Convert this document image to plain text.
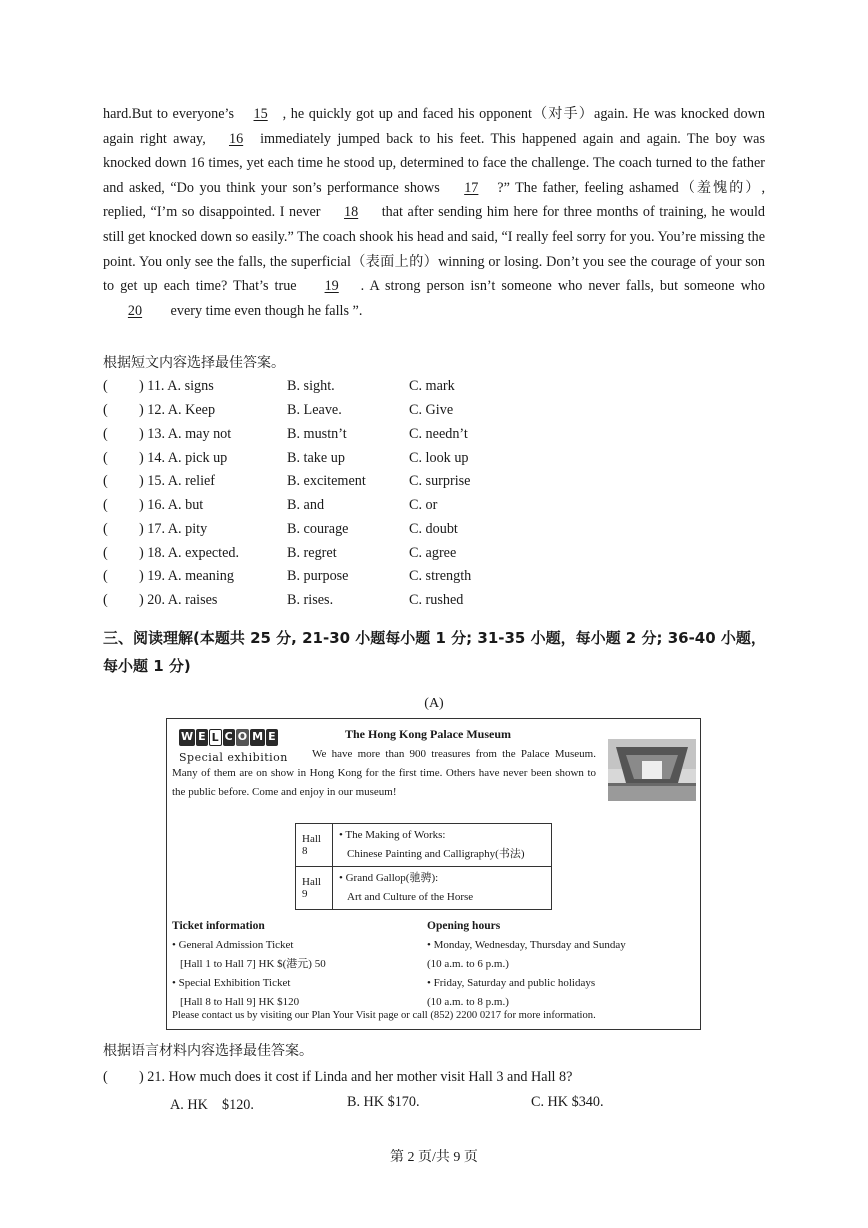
hard.But to everyone’s 15 , he quickly got up and faced his opponent（对手）again. He was knocked down again right away, 16 immediately jumped back to his feet. This happened again and again. The boy was knocked down 16 times, yet each time he stood up, determined to face the challenge. The coach turned to the father and asked, “Do you think your son’s performance shows 17 ?” The father, feeling ashamed（羞愧的）, replied, “I’m so disappointed. I never 18 that after sending him here for three months of training, he would still get knocked down so easily.” The coach shook his head and said, “I really feel sorry for you. You’re missing the point. You only see the falls, the superficial（表面上的）winning or losing. Don’t you see the courage of your son to get up each time? That’s true 19 . A strong person isn’t someone who never falls, but someone who 20 every time even though he falls ”.
根据短文内容选择最佳答案。
( ) 11. A. signs	B. sight.	C. mark
( ) 12. A. Keep	B. Leave.	C. Give
( ) 13. A. may not	B. mustn’t	C. needn’t
( ) 14. A. pick up	B. take up	C. look up
( ) 15. A. relief	B. excitement	C. surprise
( ) 16. A. but	B. and	C. or
( ) 17. A. pity	B. courage	C. doubt
( ) 18. A. expected.	B. regret	C. agree
( ) 19. A. meaning	B. purpose	C. strength
( ) 20. A. raises	B. rises.	C. rushed
三、阅读理解(本题共 25 分, 21-30 小题每小题 1 分; 31-35 小题，每小题 2 分; 36-40 小题，每小题 1 分)
(A)
W E L C O M E
Special exhibition
The Hong Kong Palace Museum
We have more than 900 treasures from the Palace Museum. Many of them are on show in Hong Kong for the first time. Others have never been shown to the public before. Come and enjoy in our museum!
Hall 8	• The Making of Works:
Chinese Painting and Calligraphy(书法)

Hall 9	• Grand Gallop(驰骋):
Art and Culture of the Horse
Ticket information
• General Admission Ticket
[Hall 1 to Hall 7] HK $(港元) 50
• Special Exhibition Ticket
[Hall 8 to Hall 9] HK $120
Opening hours
• Monday, Wednesday, Thursday and Sunday
(10 a.m. to 6 p.m.)
• Friday, Saturday and public holidays
(10 a.m. to 8 p.m.)
Please contact us by visiting our Plan Your Visit page or call (852) 2200 0217 for more information.
根据语言材料内容选择最佳答案。
( ) 21. How much does it cost if Linda and her mother visit Hall 3 and Hall 8?
A. HK　$120.	B. HK $170.	C. HK $340.
第 2 页/共 9 页
